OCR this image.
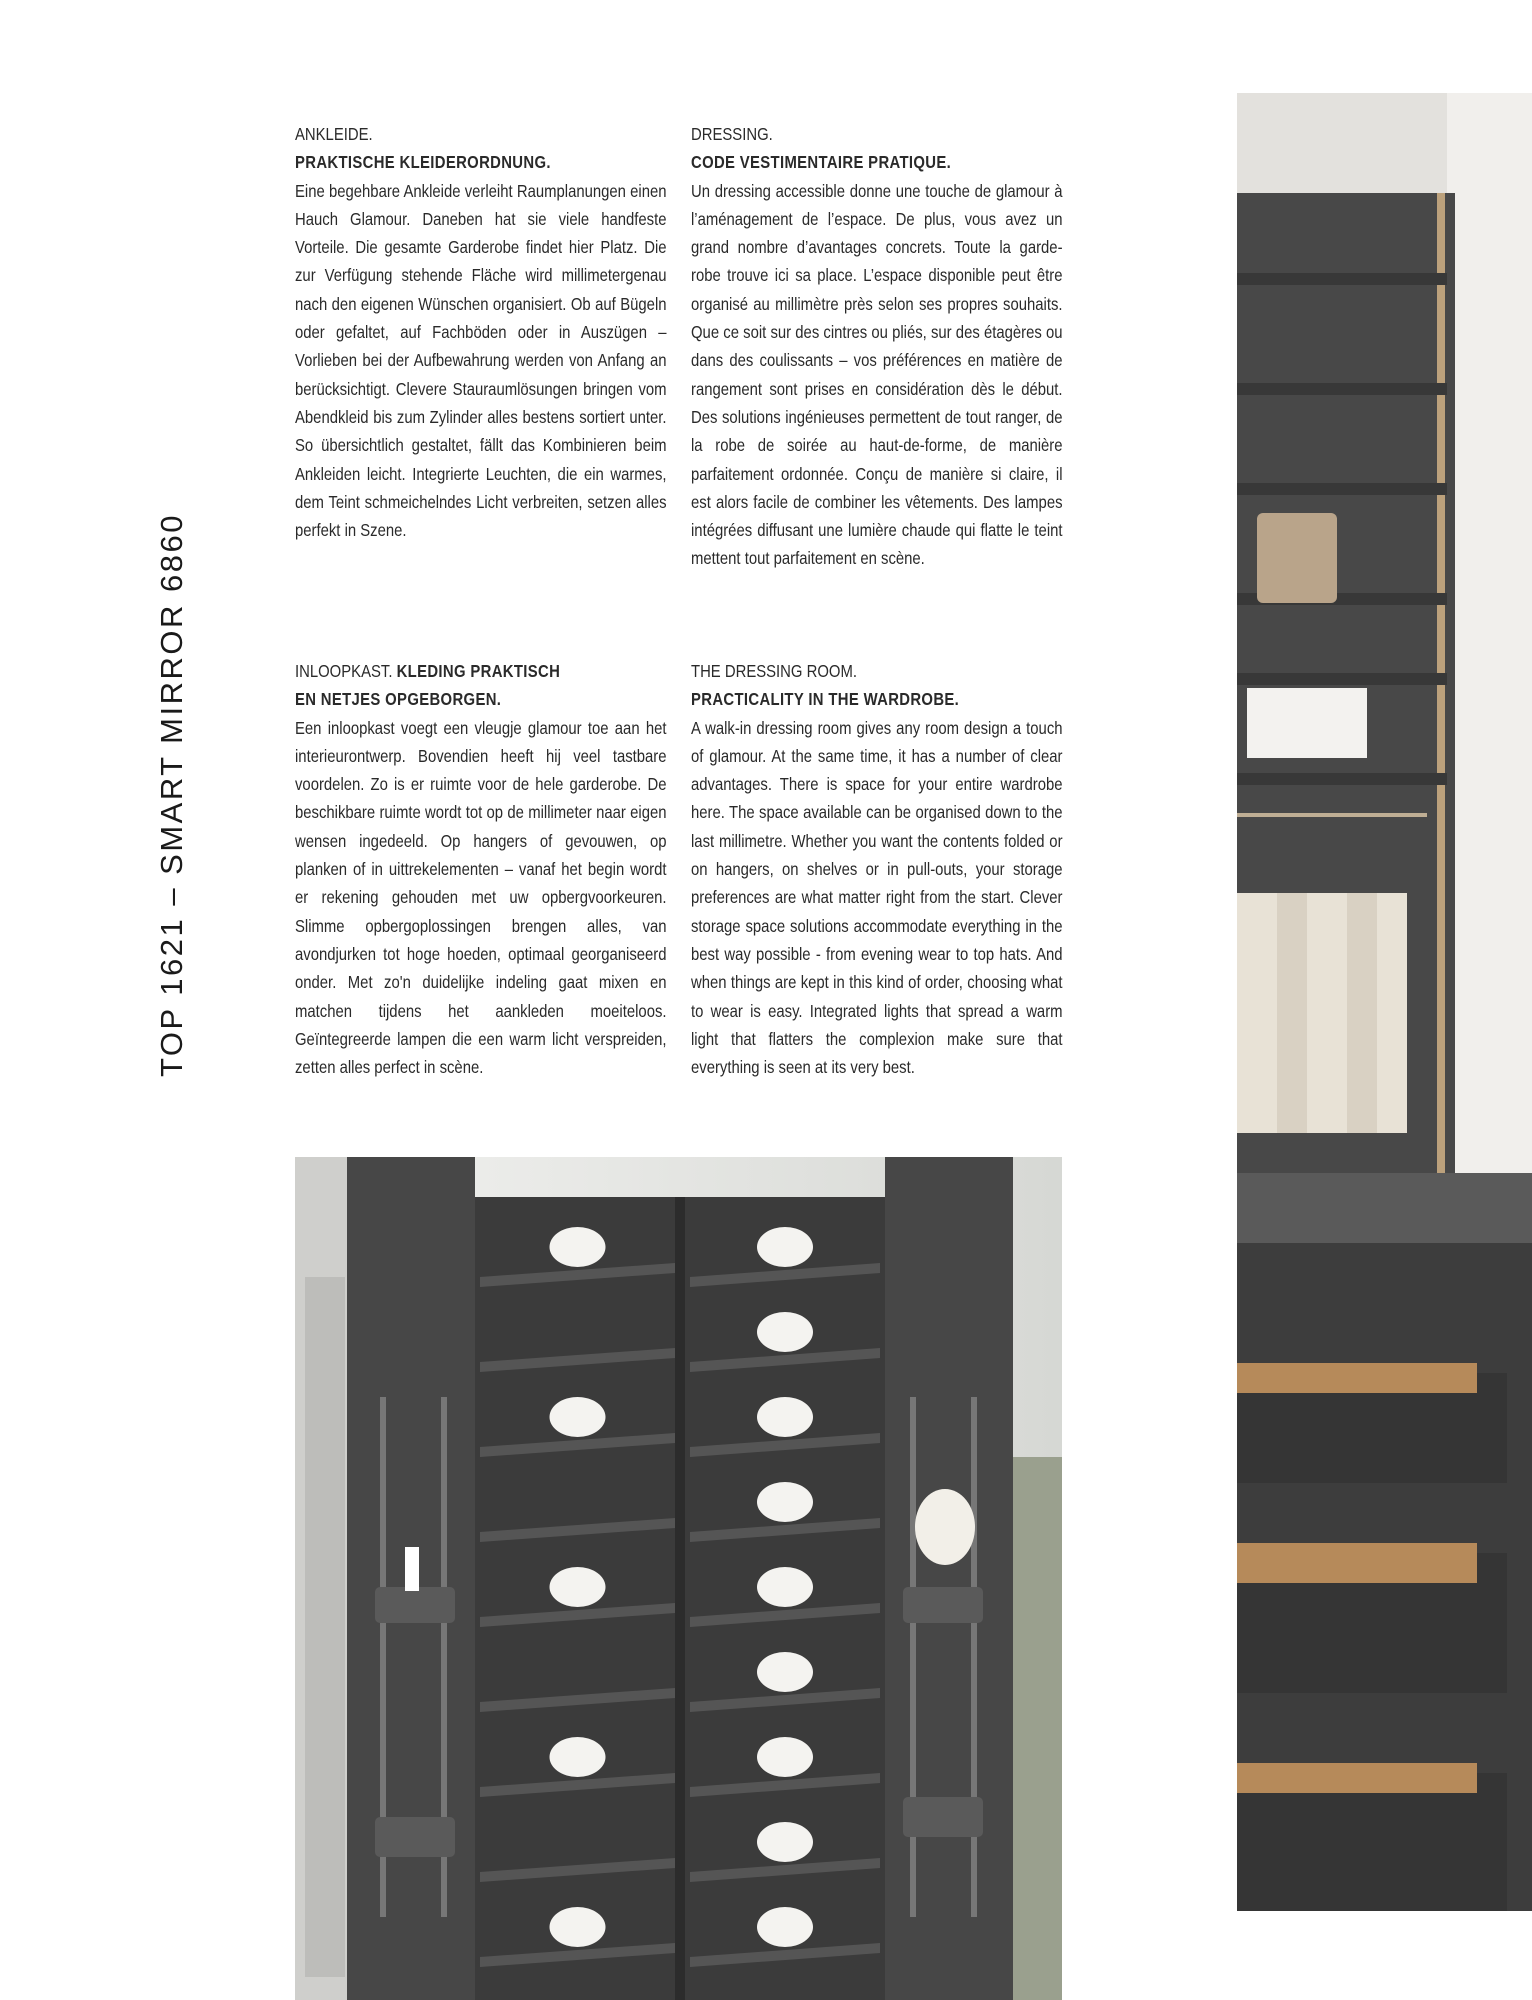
TOP 1621 – SMART MIRROR 6860
ANKLEIDE.
PRAKTISCHE KLEIDERORDNUNG.

Eine begehbare Ankleide verleiht Raumplanungen einen Hauch Glamour. Daneben hat sie viele handfeste Vorteile. Die gesamte Garderobe findet hier Platz. Die zur Verfügung stehende Fläche wird millimetergenau nach den eigenen Wünschen organisiert. Ob auf Bügeln oder gefaltet, auf Fachböden oder in Auszügen – Vorlieben bei der Aufbewahrung werden von Anfang an berücksichtigt. Clevere Stauraumlösungen bringen vom Abendkleid bis zum Zylinder alles bestens sortiert unter. So übersichtlich gestaltet, fällt das Kombinieren beim Ankleiden leicht. Integrierte Leuchten, die ein warmes, dem Teint schmeichelndes Licht verbreiten, setzen alles perfekt in Szene.

DRESSING.
CODE VESTIMENTAIRE PRATIQUE.

Un dressing accessible donne une touche de glamour à l’aménagement de l’espace. De plus, vous avez un grand nombre d’avantages concrets. Toute la garde-robe trouve ici sa place. L’espace disponible peut être organisé au millimètre près selon ses propres souhaits. Que ce soit sur des cintres ou pliés, sur des étagères ou dans des coulissants – vos préférences en matière de rangement sont prises en considération dès le début. Des solutions ingénieuses permettent de tout ranger, de la robe de soirée au haut-de-forme, de manière parfaitement ordonnée. Conçu de manière si claire, il est alors facile de combiner les vêtements. Des lampes intégrées diffusant une lumière chaude qui flatte le teint mettent tout parfaitement en scène.

INLOOPKAST. KLEDING PRAKTISCH
EN NETJES OPGEBORGEN.

Een inloopkast voegt een vleugje glamour toe aan het interieurontwerp. Bovendien heeft hij veel tastbare voordelen. Zo is er ruimte voor de hele garderobe. De beschikbare ruimte wordt tot op de millimeter naar eigen wensen ingedeeld. Op hangers of gevouwen, op planken of in uittrekelementen – vanaf het begin wordt er rekening gehouden met uw opbergvoorkeuren. Slimme opbergoplossingen brengen alles, van avondjurken tot hoge hoeden, optimaal georganiseerd onder. Met zo'n duidelijke indeling gaat mixen en matchen tijdens het aankleden moeiteloos. Geïntegreerde lampen die een warm licht verspreiden, zetten alles perfect in scène.

THE DRESSING ROOM.
PRACTICALITY IN THE WARDROBE.

A walk-in dressing room gives any room design a touch of glamour. At the same time, it has a number of clear advantages. There is space for your entire wardrobe here. The space available can be organised down to the last millimetre. Whether you want the contents folded or on hangers, on shelves or in pull-outs, your storage preferences are what matter right from the start. Clever storage space solutions accommodate everything in the best way possible - from evening wear to top hats. And when things are kept in this kind of order, choosing what to wear is easy. Integrated lights that spread a warm light that flatters the complexion make sure that everything is seen at its very best.
